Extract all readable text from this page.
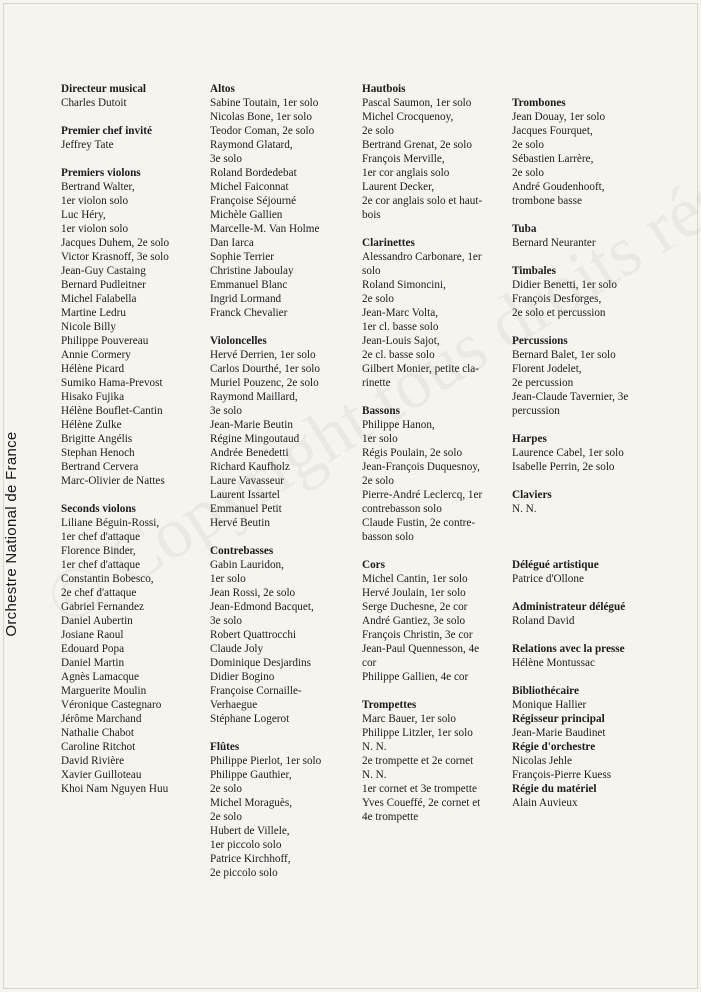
Orchestre National de France
Directeur musical
Charles Dutoit
Premier chef invité
Jeffrey Tate
Premiers violons
Bertrand Walter,
1er violon solo
Luc Héry,
1er violon solo
Jacques Duhem, 2e solo
Victor Krasnoff, 3e solo
Jean-Guy Castaing
Bernard Pudleitner
Michel Falabella
Martine Ledru
Nicole Billy
Philippe Pouvereau
Annie Cormery
Hélène Picard
Sumiko Hama-Prevost
Hisako Fujika
Hélène Bouflet-Cantin
Hélène Zulke
Brigitte Angélis
Stephan Henoch
Bertrand Cervera
Marc-Olivier de Nattes
Seconds violons
Liliane Béguin-Rossi,
1er chef d'attaque
Florence Binder,
1er chef d'attaque
Constantin Bobesco,
2e chef d'attaque
Gabriel Fernandez
Daniel Aubertin
Josiane Raoul
Edouard Popa
Daniel Martin
Agnès Lamacque
Marguerite Moulin
Véronique Castegnaro
Jérôme Marchand
Nathalie Chabot
Caroline Ritchot
David Rivière
Xavier Guilloteau
Khoi Nam Nguyen Huu
Altos
Sabine Toutain, 1er solo
Nicolas Bone, 1er solo
Teodor Coman, 2e solo
Raymond Glatard,
3e solo
Roland Bordedebat
Michel Faiconnat
Françoise Séjourné
Michèle Gallien
Marcelle-M. Van Holme
Dan Iarca
Sophie Terrier
Christine Jaboulay
Emmanuel Blanc
Ingrid Lormand
Franck Chevalier
Violoncelles
Hervé Derrien, 1er solo
Carlos Dourthé, 1er solo
Muriel Pouzenc, 2e solo
Raymond Maillard,
3e solo
Jean-Marie Beutin
Régine Mingoutaud
Andrée Benedetti
Richard Kaufholz
Laure Vavasseur
Laurent Issartel
Emmanuel Petit
Hervé Beutin
Contrebasses
Gabin Lauridon,
1er solo
Jean Rossi, 2e solo
Jean-Edmond Bacquet,
3e solo
Robert Quattrocchi
Claude Joly
Dominique Desjardins
Didier Bogino
Françoise Cornaille-
Verhaegue
Stéphane Logerot
Flûtes
Philippe Pierlot, 1er solo
Philippe Gauthier,
2e solo
Michel Moraguès,
2e solo
Hubert de Villele,
1er piccolo solo
Patrice Kirchhoff,
2e piccolo solo
Hautbois
Pascal Saumon, 1er solo
Michel Crocquenoy,
2e solo
Bertrand Grenat, 2e solo
François Merville,
1er cor anglais solo
Laurent Decker,
2e cor anglais solo et haut-
bois
Clarinettes
Alessandro Carbonare, 1er
solo
Roland Simoncini,
2e solo
Jean-Marc Volta,
1er cl. basse solo
Jean-Louis Sajot,
2e cl. basse solo
Gilbert Monier, petite cla-
rinette
Bassons
Philippe Hanon,
1er solo
Régis Poulain, 2e solo
Jean-François Duquesnoy,
2e solo
Pierre-André Leclercq, 1er
contrebasson solo
Claude Fustin, 2e contre-
basson solo
Cors
Michel Cantin, 1er solo
Hervé Joulain, 1er solo
Serge Duchesne, 2e cor
André Gantiez, 3e solo
François Christin, 3e cor
Jean-Paul Quennesson, 4e
cor
Philippe Gallien, 4e cor
Trompettes
Marc Bauer, 1er solo
Philippe Litzler, 1er solo
N. N.
2e trompette et 2e cornet
N. N.
1er cornet et 3e trompette
Yves Coueffé, 2e cornet et
4e trompette
Trombones
Jean Douay, 1er solo
Jacques Fourquet,
2e solo
Sébastien Larrère,
2e solo
André Goudenhooft,
trombone basse
Tuba
Bernard Neuranter
Timbales
Didier Benetti, 1er solo
François Desforges,
2e solo et percussion
Percussions
Bernard Balet, 1er solo
Florent Jodelet,
2e percussion
Jean-Claude Tavernier, 3e
percussion
Harpes
Laurence Cabel, 1er solo
Isabelle Perrin, 2e solo
Claviers
N. N.
Délégué artistique
Patrice d'Ollone
Administrateur délégué
Roland David
Relations avec la presse
Hélène Montussac
Bibliothécaire
Monique Hallier
Régisseur principal
Jean-Marie Baudinet
Régie d'orchestre
Nicolas Jehle
François-Pierre Kuess
Régie du matériel
Alain Auvieux
